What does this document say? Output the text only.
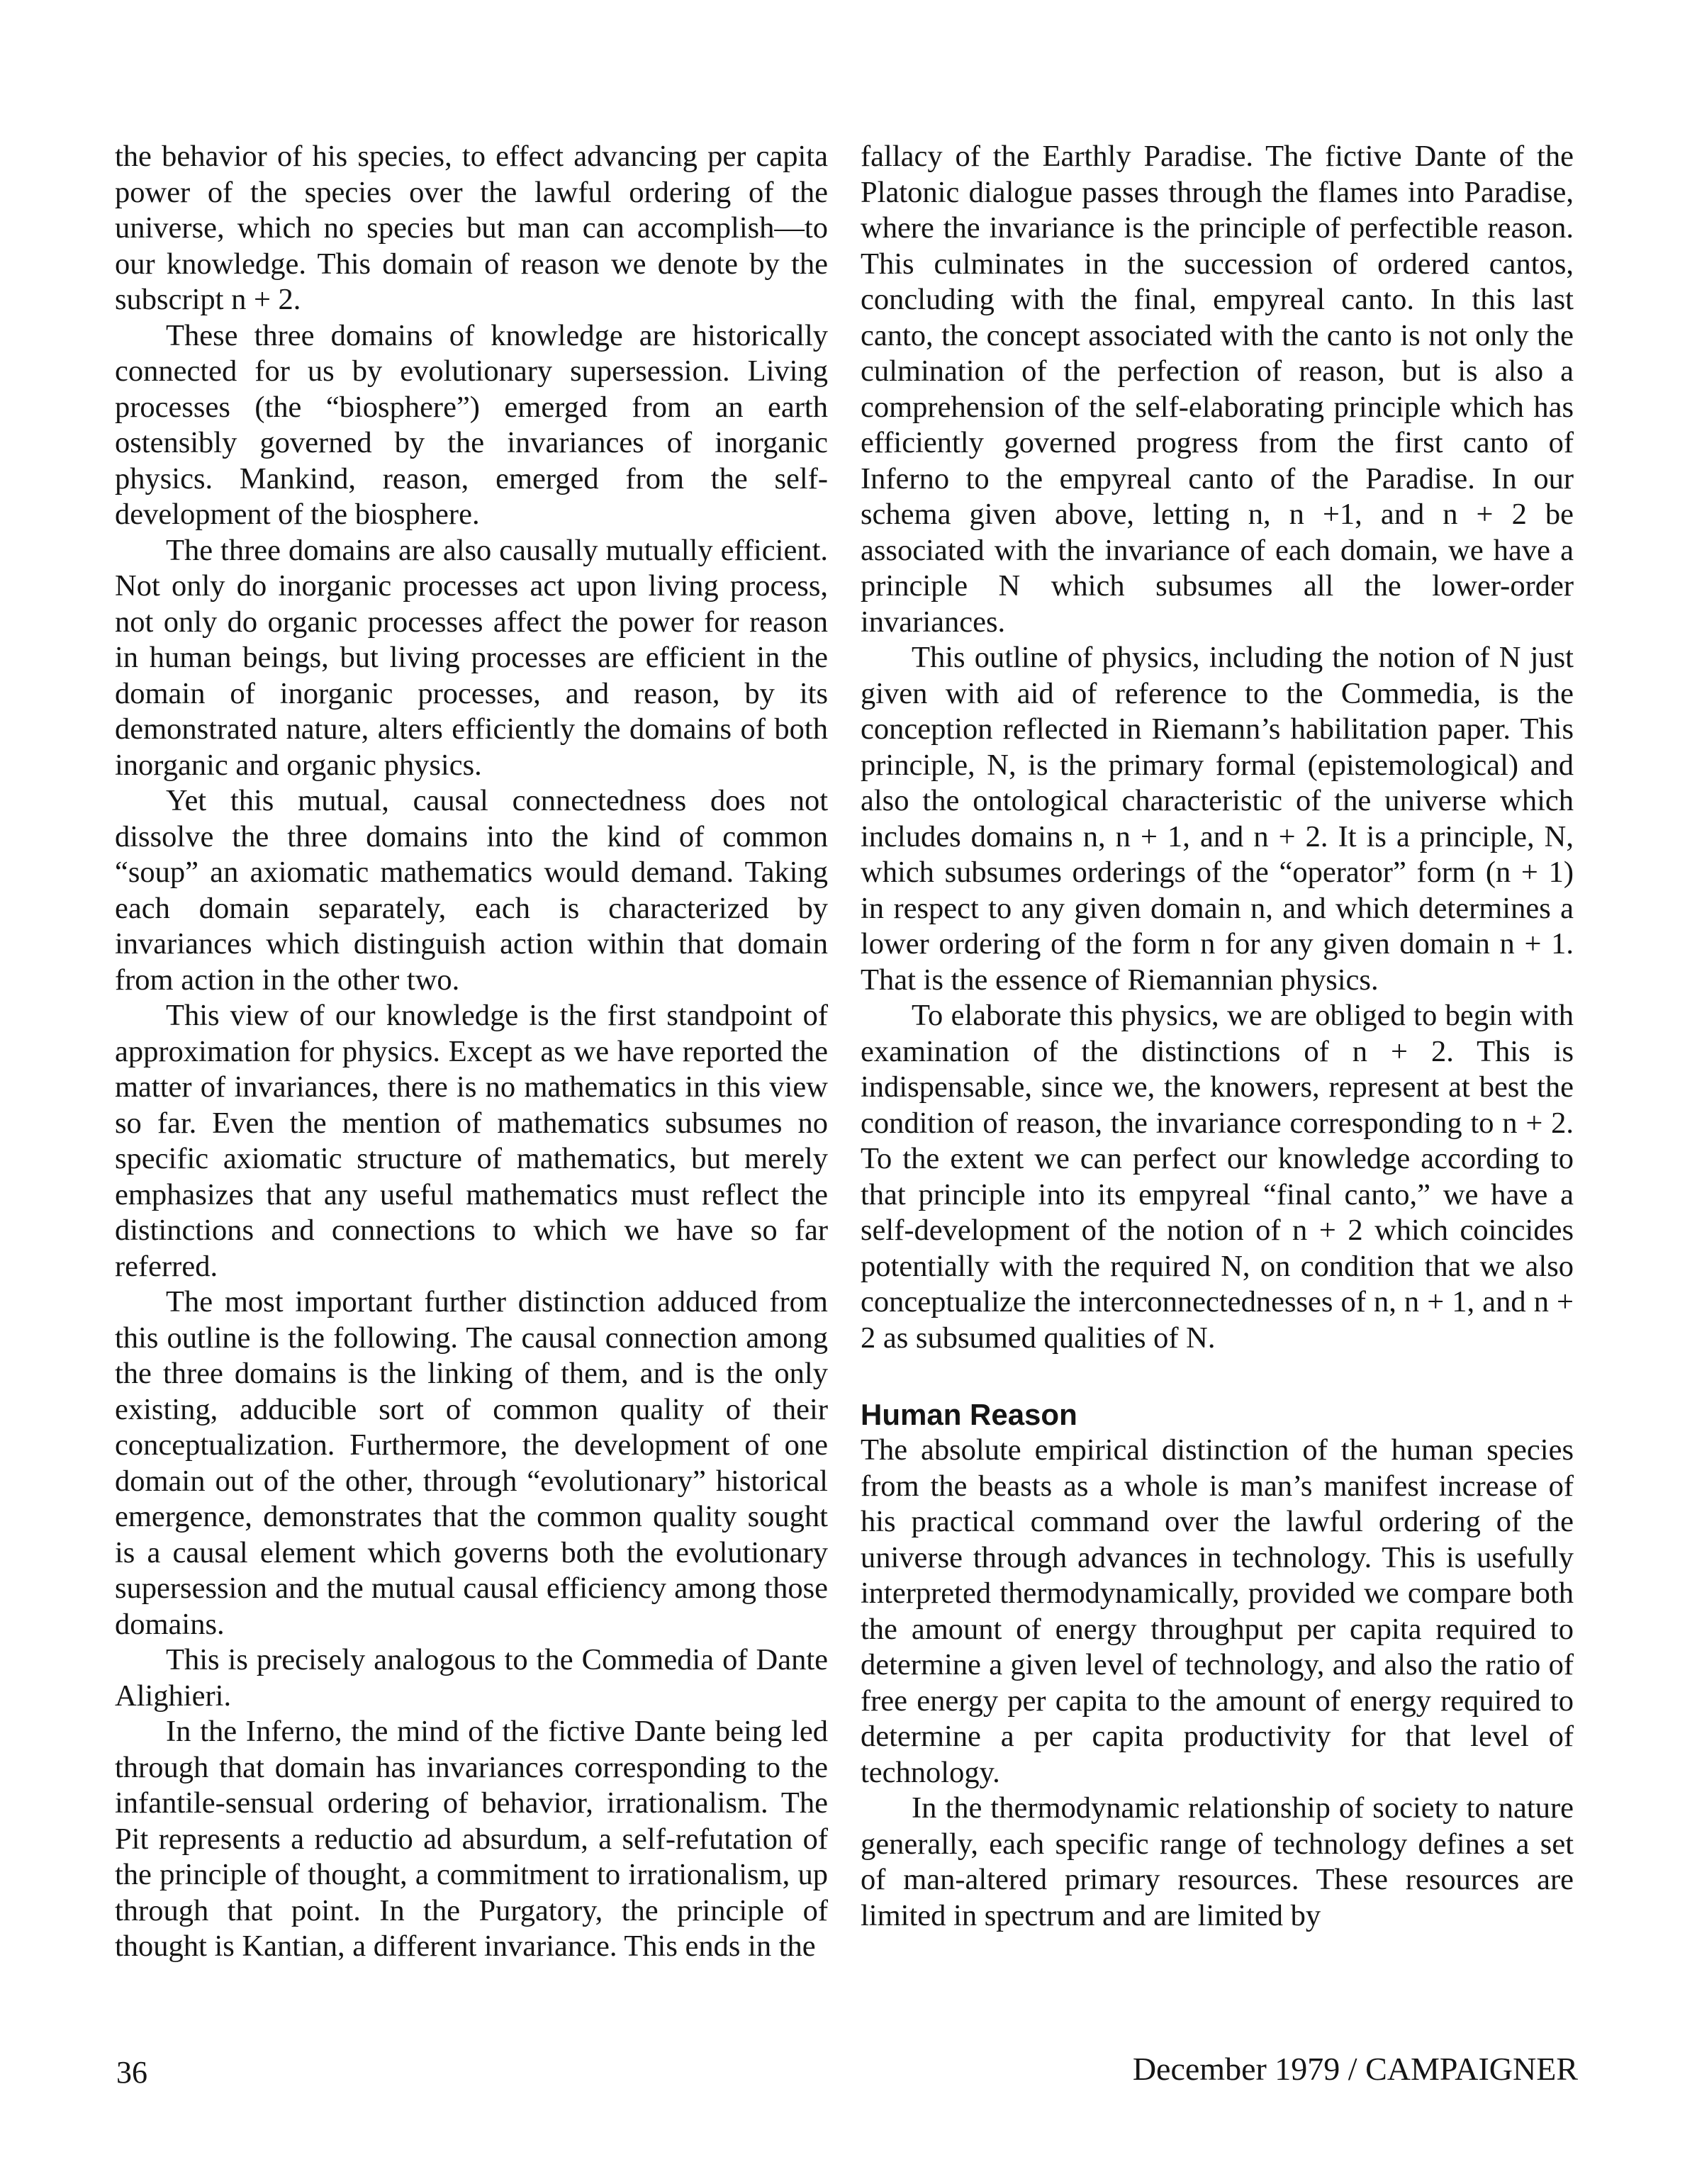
the behavior of his species, to effect advancing per capita power of the species over the lawful ordering of the universe, which no species but man can accomplish—to our knowledge. This domain of reason we denote by the subscript n + 2.

These three domains of knowledge are historically connected for us by evolutionary supersession. Living processes (the “biosphere”) emerged from an earth ostensibly governed by the invariances of inorganic physics. Mankind, reason, emerged from the self-development of the biosphere.

The three domains are also causally mutually efficient. Not only do inorganic processes act upon living process, not only do organic processes affect the power for reason in human beings, but living processes are efficient in the domain of inorganic processes, and reason, by its demonstrated nature, alters efficiently the domains of both inorganic and organic physics.

Yet this mutual, causal connectedness does not dissolve the three domains into the kind of common “soup” an axiomatic mathematics would demand. Taking each domain separately, each is characterized by invariances which distinguish action within that domain from action in the other two.

This view of our knowledge is the first standpoint of approximation for physics. Except as we have reported the matter of invariances, there is no mathematics in this view so far. Even the mention of mathematics subsumes no specific axiomatic structure of mathematics, but merely emphasizes that any useful mathematics must reflect the distinctions and connections to which we have so far referred.

The most important further distinction adduced from this outline is the following. The causal connection among the three domains is the linking of them, and is the only existing, adducible sort of common quality of their conceptualization. Furthermore, the development of one domain out of the other, through “evolutionary” historical emergence, demonstrates that the common quality sought is a causal element which governs both the evolutionary supersession and the mutual causal efficiency among those domains.

This is precisely analogous to the Commedia of Dante Alighieri.

In the Inferno, the mind of the fictive Dante being led through that domain has invariances corresponding to the infantile-sensual ordering of behavior, irrationalism. The Pit represents a reductio ad absurdum, a self-refutation of the principle of thought, a commitment to irrationalism, up through that point. In the Purgatory, the principle of thought is Kantian, a different invariance. This ends in the

fallacy of the Earthly Paradise. The fictive Dante of the Platonic dialogue passes through the flames into Paradise, where the invariance is the principle of perfectible reason. This culminates in the succession of ordered cantos, concluding with the final, empyreal canto. In this last canto, the concept associated with the canto is not only the culmination of the perfection of reason, but is also a comprehension of the self-elaborating principle which has efficiently governed progress from the first canto of Inferno to the empyreal canto of the Paradise. In our schema given above, letting n, n +1, and n + 2 be associated with the invariance of each domain, we have a principle N which subsumes all the lower-order invariances.

This outline of physics, including the notion of N just given with aid of reference to the Commedia, is the conception reflected in Riemann’s habilitation paper. This principle, N, is the primary formal (epistemological) and also the ontological characteristic of the universe which includes domains n, n + 1, and n + 2. It is a principle, N, which subsumes orderings of the “operator” form (n + 1) in respect to any given domain n, and which determines a lower ordering of the form n for any given domain n + 1. That is the essence of Riemannian physics.

To elaborate this physics, we are obliged to begin with examination of the distinctions of n + 2. This is indispensable, since we, the knowers, represent at best the condition of reason, the invariance corresponding to n + 2. To the extent we can perfect our knowledge according to that principle into its empyreal “final canto,” we have a self-development of the notion of n + 2 which coincides potentially with the required N, on condition that we also conceptualize the interconnectednesses of n, n + 1, and n + 2 as subsumed qualities of N.

Human Reason

The absolute empirical distinction of the human species from the beasts as a whole is man’s manifest increase of his practical command over the lawful ordering of the universe through advances in technology. This is usefully interpreted thermodynamically, provided we compare both the amount of energy throughput per capita required to determine a given level of technology, and also the ratio of free energy per capita to the amount of energy required to determine a per capita productivity for that level of technology.

In the thermodynamic relationship of society to nature generally, each specific range of technology defines a set of man-altered primary resources. These resources are limited in spectrum and are limited by

36	December 1979 / CAMPAIGNER
